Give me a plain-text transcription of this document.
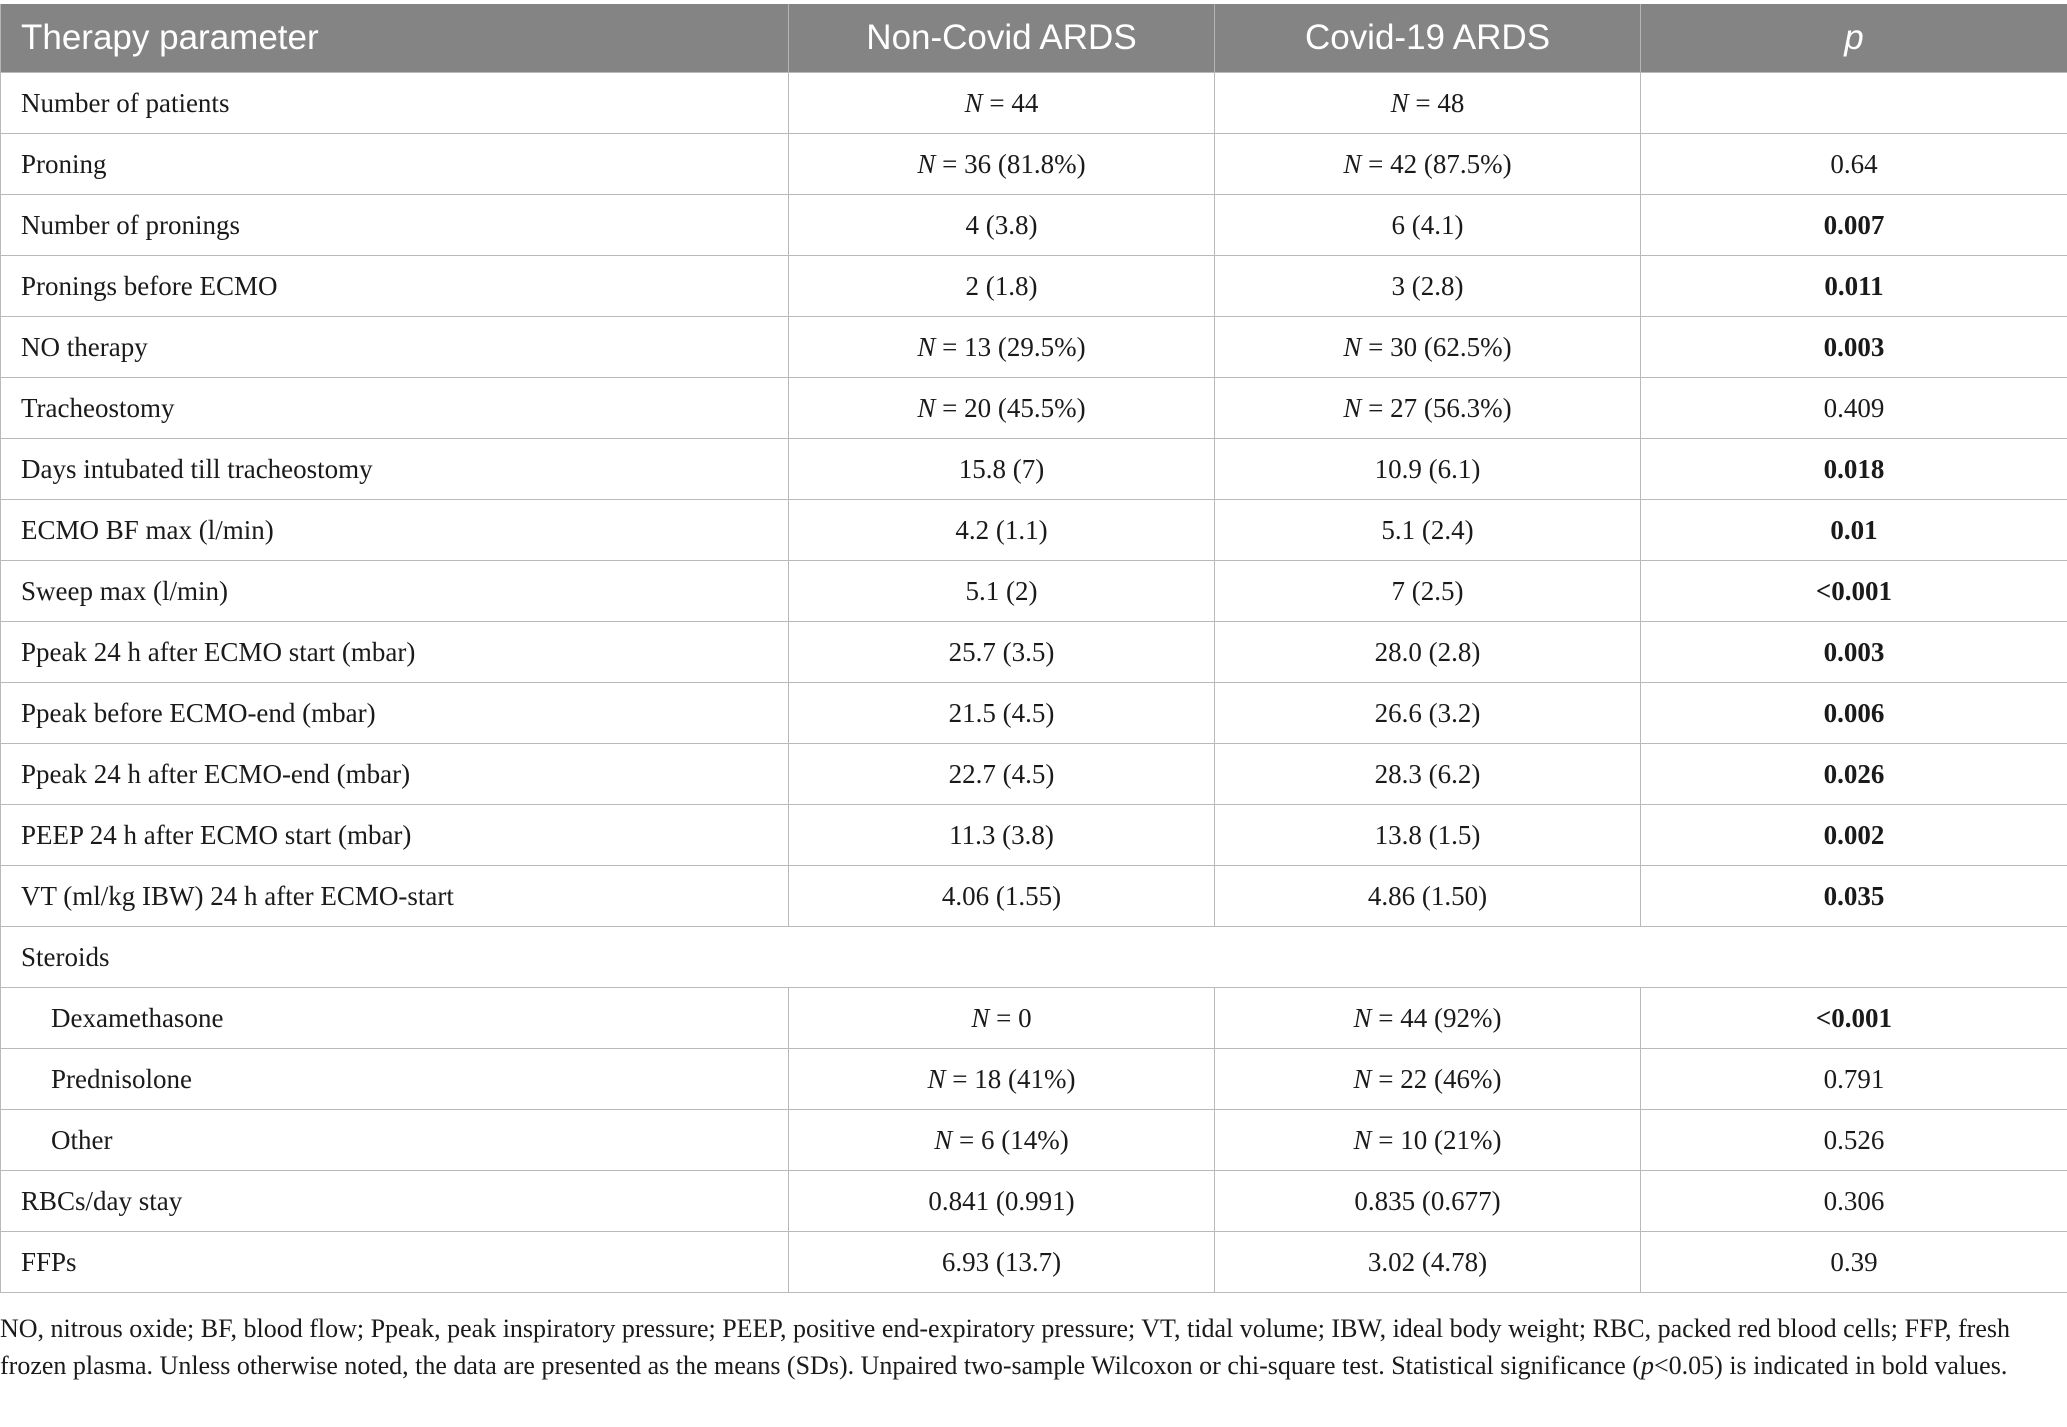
Therapy parameter	Non-Covid ARDS	Covid-19 ARDS	p
Number of patients	N = 44	N = 48	
Proning	N = 36 (81.8%)	N = 42 (87.5%)	0.64
Number of pronings	4 (3.8)	6 (4.1)	0.007
Pronings before ECMO	2 (1.8)	3 (2.8)	0.011
NO therapy	N = 13 (29.5%)	N = 30 (62.5%)	0.003
Tracheostomy	N = 20 (45.5%)	N = 27 (56.3%)	0.409
Days intubated till tracheostomy	15.8 (7)	10.9 (6.1)	0.018
ECMO BF max (l/min)	4.2 (1.1)	5.1 (2.4)	0.01
Sweep max (l/min)	5.1 (2)	7 (2.5)	<0.001
Ppeak 24 h after ECMO start (mbar)	25.7 (3.5)	28.0 (2.8)	0.003
Ppeak before ECMO-end (mbar)	21.5 (4.5)	26.6 (3.2)	0.006
Ppeak 24 h after ECMO-end (mbar)	22.7 (4.5)	28.3 (6.2)	0.026
PEEP 24 h after ECMO start (mbar)	11.3 (3.8)	13.8 (1.5)	0.002
VT (ml/kg IBW) 24 h after ECMO-start	4.06 (1.55)	4.86 (1.50)	0.035
Steroids			
Dexamethasone	N = 0	N = 44 (92%)	<0.001
Prednisolone	N = 18 (41%)	N = 22 (46%)	0.791
Other	N = 6 (14%)	N = 10 (21%)	0.526
RBCs/day stay	0.841 (0.991)	0.835 (0.677)	0.306
FFPs	6.93 (13.7)	3.02 (4.78)	0.39
NO, nitrous oxide; BF, blood flow; Ppeak, peak inspiratory pressure; PEEP, positive end-expiratory pressure; VT, tidal volume; IBW, ideal body weight; RBC, packed red blood cells; FFP, fresh frozen plasma. Unless otherwise noted, the data are presented as the means (SDs). Unpaired two-sample Wilcoxon or chi-square test. Statistical significance (p<0.05) is indicated in bold values.
